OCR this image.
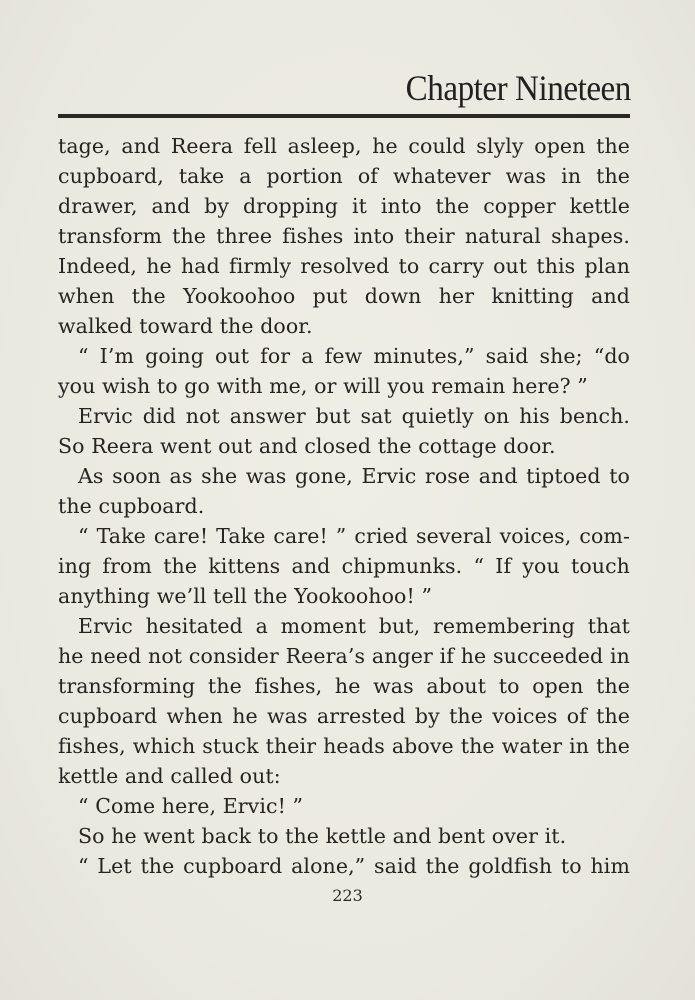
Chapter Nineteen
tage, and Reera fell asleep, he could slyly open the
cupboard, take a portion of whatever was in the
drawer, and by dropping it into the copper kettle
transform the three fishes into their natural shapes.
Indeed, he had firmly resolved to carry out this plan
when the Yookoohoo put down her knitting and
walked toward the door.
“ I’m going out for a few minutes,” said she; “do
you wish to go with me, or will you remain here? ”
Ervic did not answer but sat quietly on his bench.
So Reera went out and closed the cottage door.
As soon as she was gone, Ervic rose and tiptoed to
the cupboard.
“ Take care! Take care! ” cried several voices, com-
ing from the kittens and chipmunks. “ If you touch
anything we’ll tell the Yookoohoo! ”
Ervic hesitated a moment but, remembering that
he need not consider Reera’s anger if he succeeded in
transforming the fishes, he was about to open the
cupboard when he was arrested by the voices of the
fishes, which stuck their heads above the water in the
kettle and called out:
“ Come here, Ervic! ”
So he went back to the kettle and bent over it.
“ Let the cupboard alone,” said the goldfish to him
223
